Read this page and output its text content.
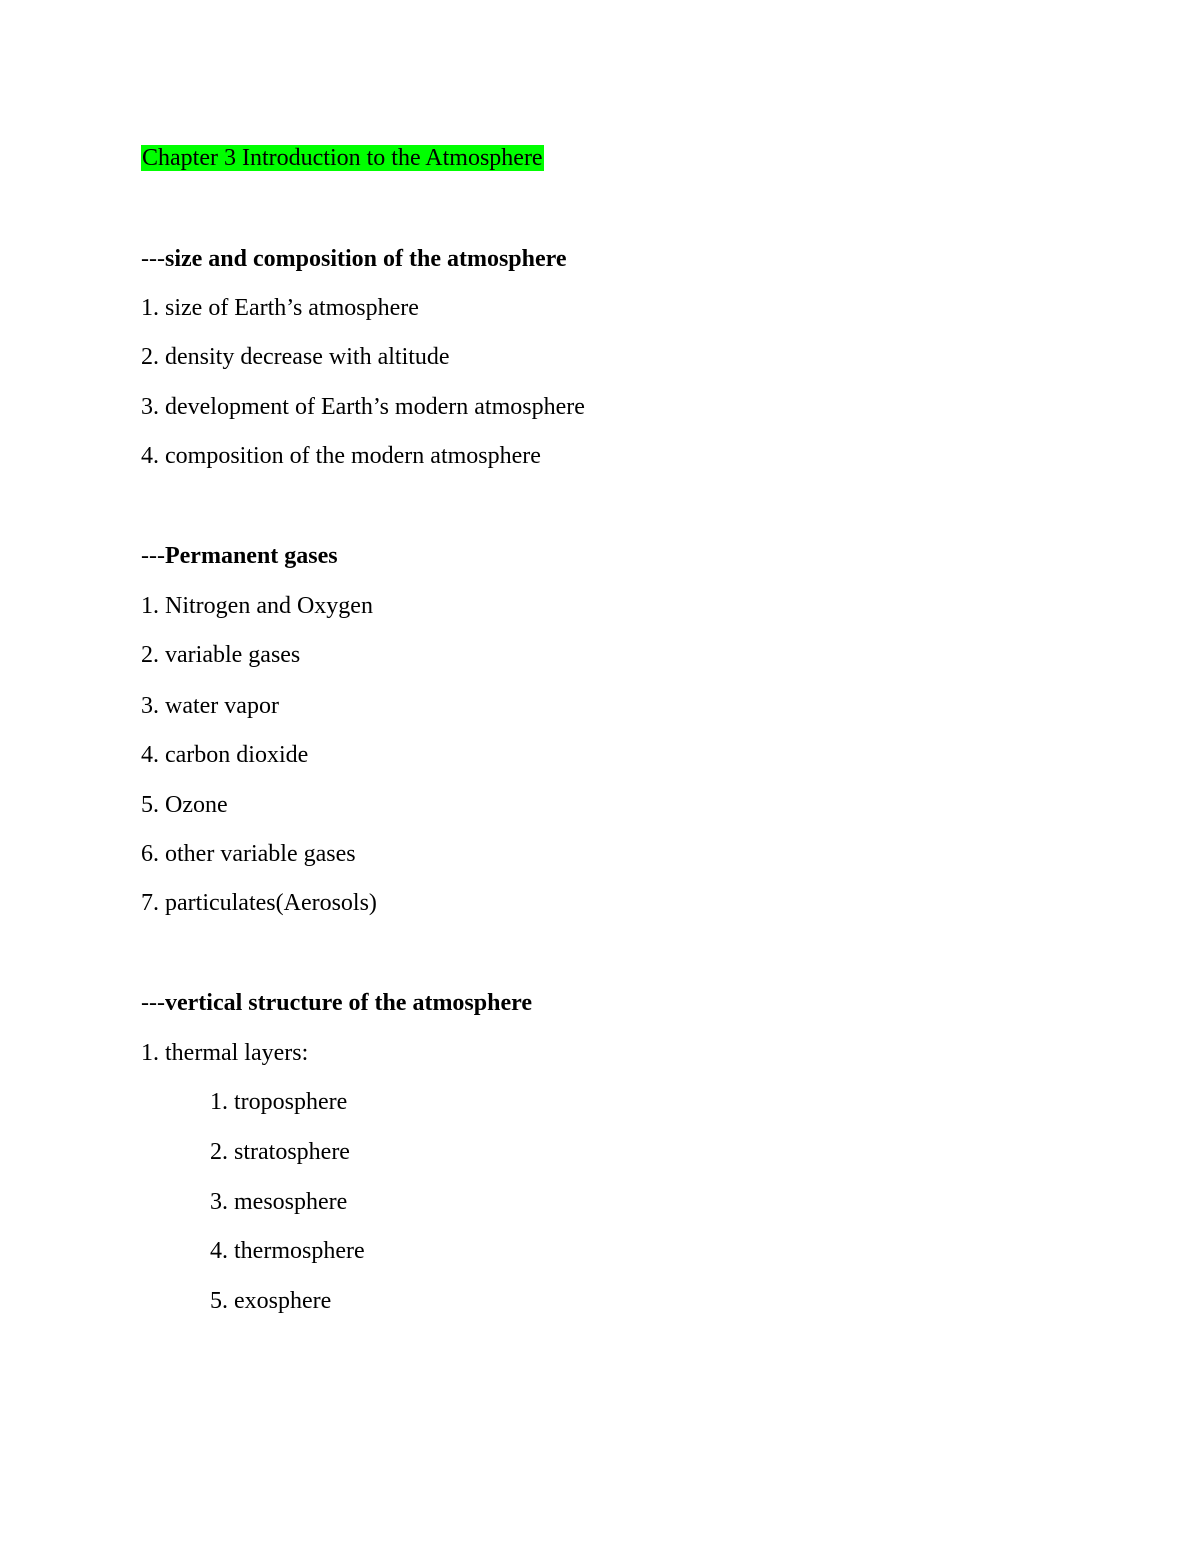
Chapter 3 Introduction to the Atmosphere
---size and composition of the atmosphere
1. size of Earth’s atmosphere
2. density decrease with altitude
3. development of Earth’s modern atmosphere
4. composition of the modern atmosphere
---Permanent gases
1. Nitrogen and Oxygen
2. variable gases
3. water vapor
4. carbon dioxide
5. Ozone
6. other variable gases
7. particulates(Aerosols)
---vertical structure of the atmosphere
1. thermal layers:
1. troposphere
2. stratosphere
3. mesosphere
4. thermosphere
5. exosphere
